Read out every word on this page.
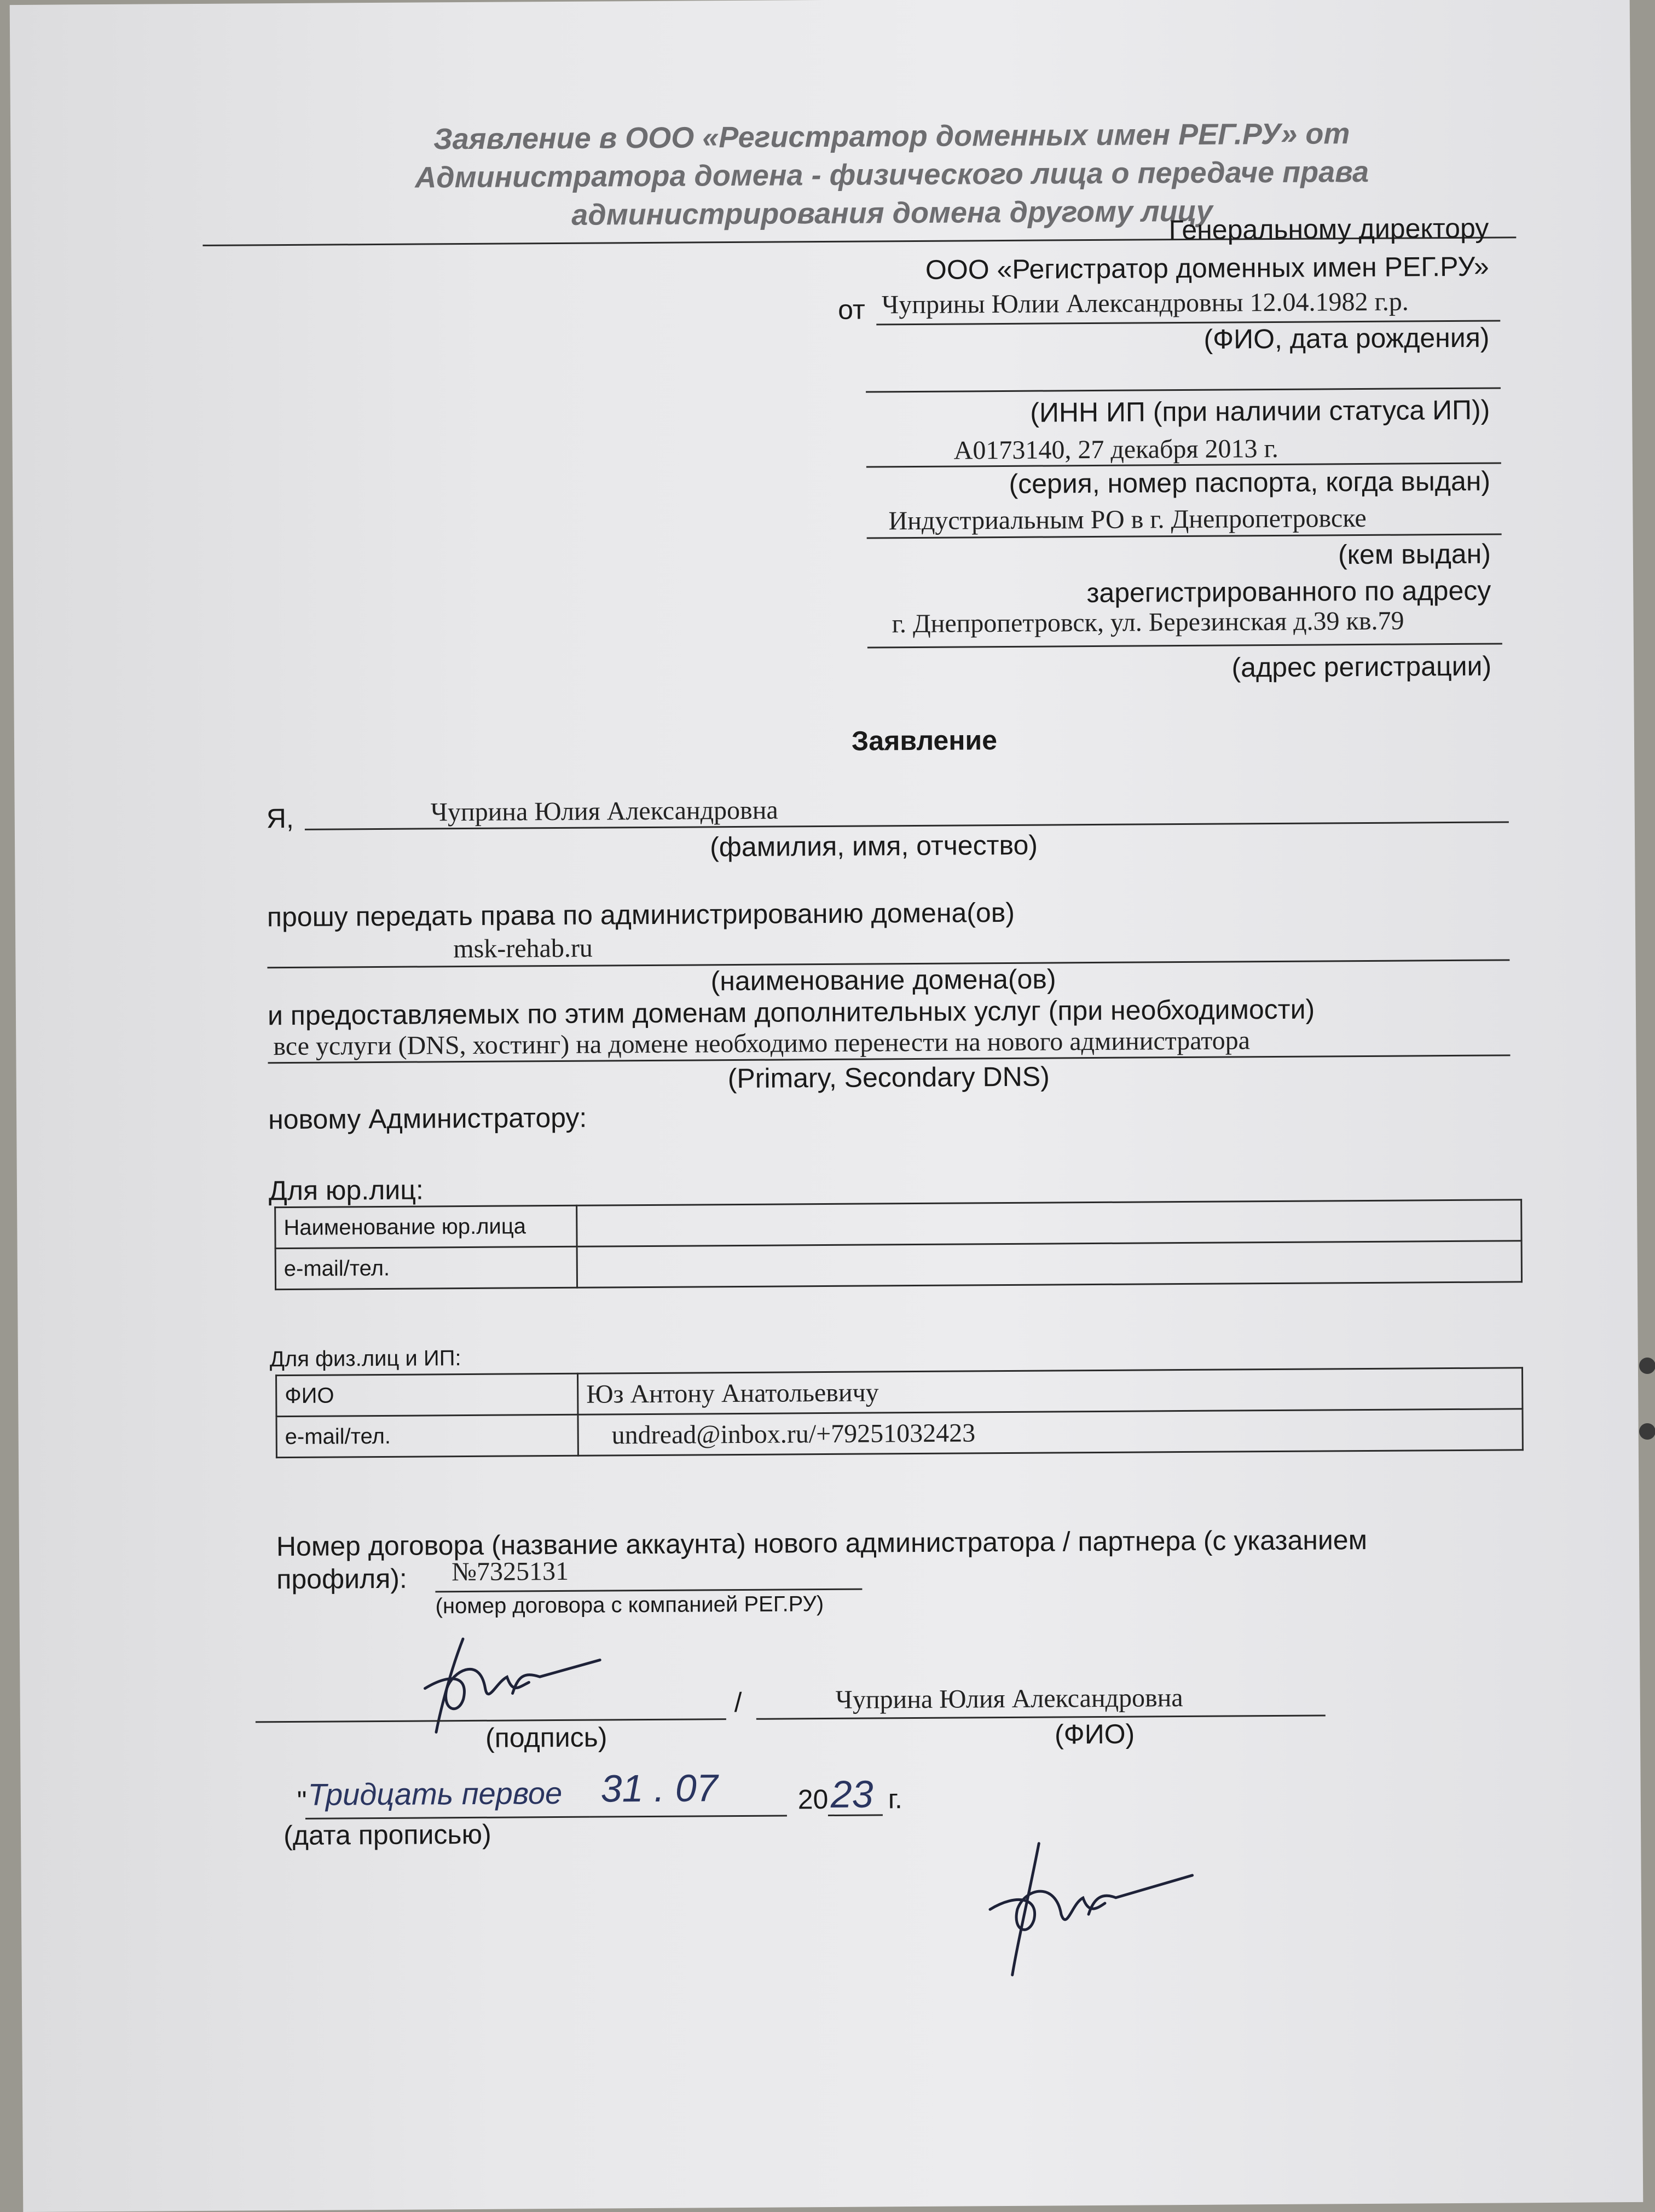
Заявление в ООО «Регистратор доменных имен РЕГ.РУ» от Администратора домена - физического лица о передаче права администрирования домена другому лицу
Генеральному директору
ООО «Регистратор доменных имен РЕГ.РУ»
от Чуприны Юлии Александровны 12.04.1982 г.р.
(ФИО, дата рождения)
(ИНН ИП (при наличии статуса ИП))
А0173140, 27 декабря 2013 г.
(серия, номер паспорта, когда выдан)
Индустриальным РО в г. Днепропетровске
(кем выдан)
зарегистрированного по адресу
г. Днепропетровск, ул. Березинская д.39 кв.79
(адрес регистрации)
Заявление
Я,	Чуприна Юлия Александровна
(фамилия, имя, отчество)
прошу передать права по администрированию домена(ов)
msk-rehab.ru
(наименование домена(ов)
и предоставляемых по этим доменам дополнительных услуг (при необходимости)
все услуги (DNS, хостинг) на домене необходимо перенести на нового администратора
(Primary, Secondary DNS)
новому Администратору:
Для юр.лиц:
Наименование юр.лица	
e-mail/тел.	
Для физ.лиц и ИП:
ФИО	Юз Антону Анатольевичу
e-mail/тел.	undread@inbox.ru/+79251032423
Номер договора (название аккаунта) нового администратора / партнера (с указанием
профиля): №7325131
(номер договора с компанией РЕГ.РУ)
/	Чуприна Юлия Александровна
(подпись)	(ФИО)
" Тридцать первое 31 . 07	20 23 г.
(дата прописью)
